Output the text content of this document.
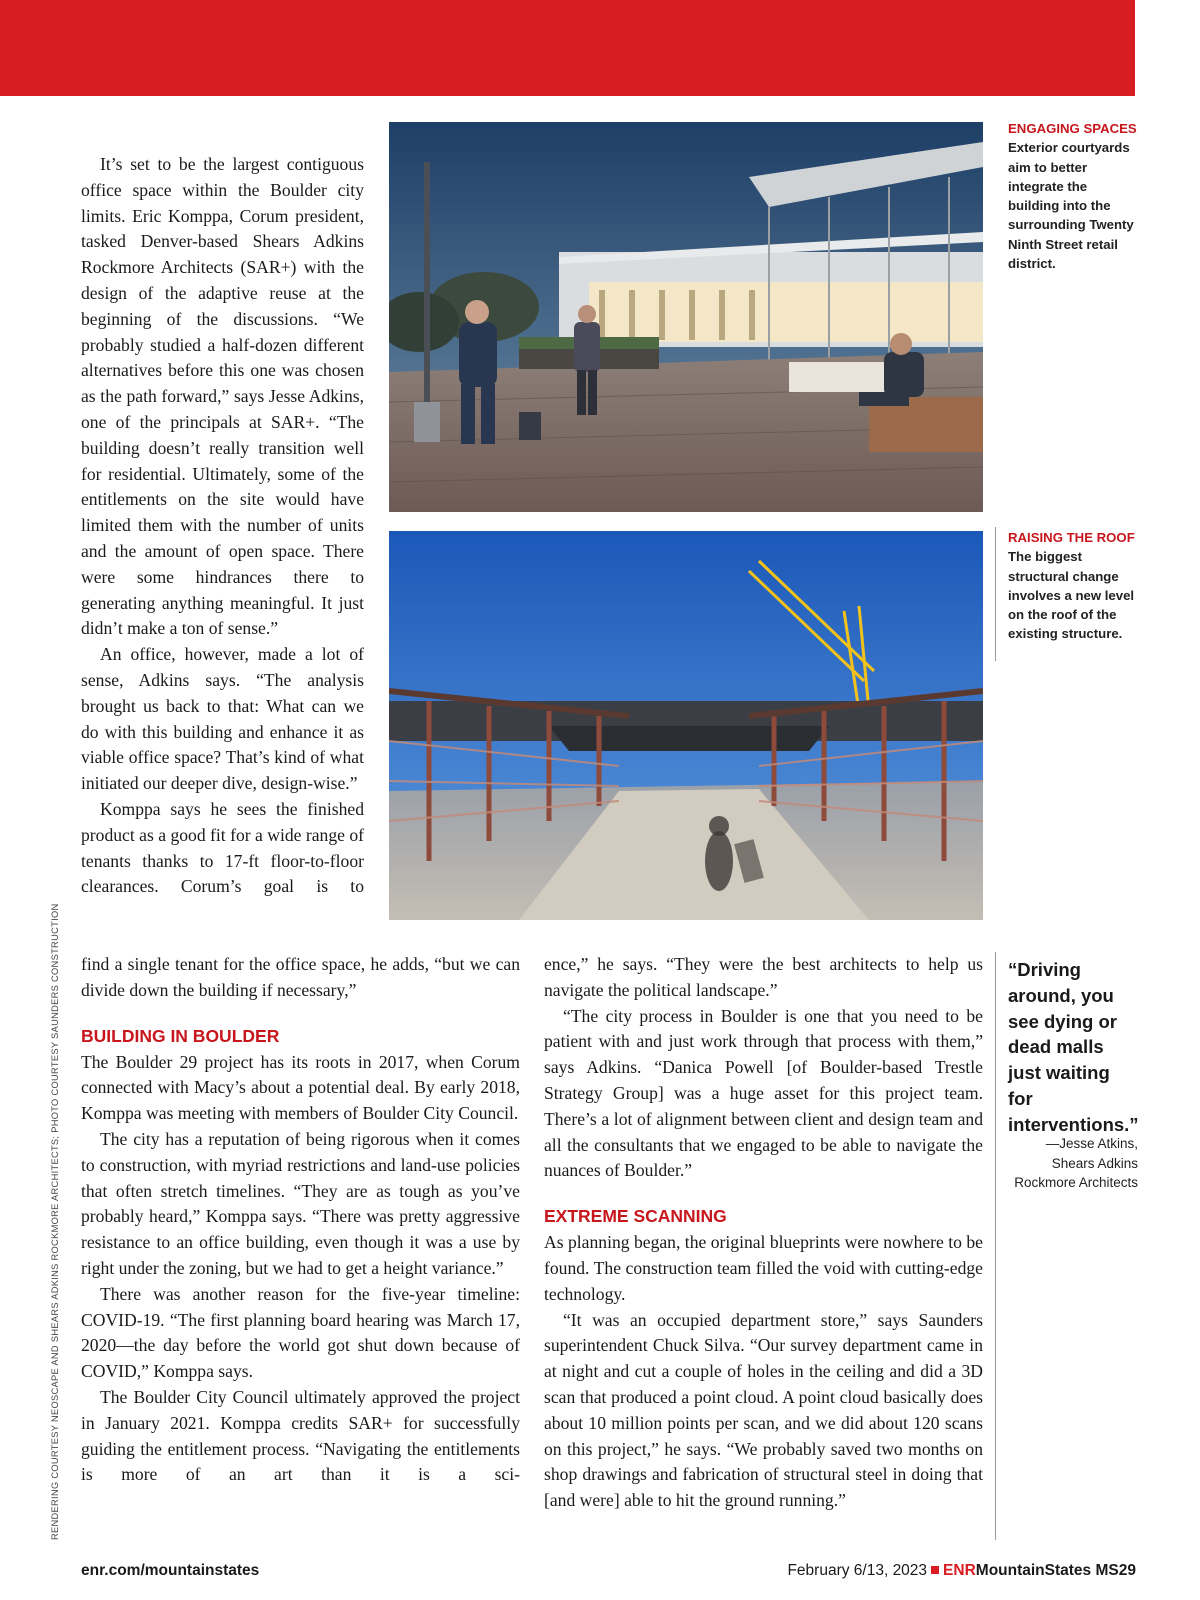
It’s set to be the largest contiguous office space within the Boulder city limits. Eric Komppa, Corum president, tasked Denver-based Shears Adkins Rockmore Architects (SAR+) with the design of the adaptive reuse at the beginning of the discussions. “We probably studied a half-dozen different alternatives before this one was chosen as the path forward,” says Jesse Adkins, one of the principals at SAR+. “The building doesn’t really transition well for residential. Ultimately, some of the entitlements on the site would have limited them with the number of units and the amount of open space. There were some hindrances there to generating anything meaningful. It just didn’t make a ton of sense.”

An office, however, made a lot of sense, Adkins says. “The analysis brought us back to that: What can we do with this building and enhance it as viable office space? That’s kind of what initiated our deeper dive, design-wise.”

Komppa says he sees the finished product as a good fit for a wide range of tenants thanks to 17-ft floor-to-floor clearances. Corum’s goal is to

ENGAGING SPACES Exterior courtyards aim to better integrate the building into the surrounding Twenty Ninth Street retail district.
RAISING THE ROOF The biggest structural change involves a new level on the roof of the existing structure.

find a single tenant for the office space, he adds, “but we can divide down the building if necessary,”

BUILDING IN BOULDER

The Boulder 29 project has its roots in 2017, when Corum connected with Macy’s about a potential deal. By early 2018, Komppa was meeting with members of Boulder City Council.

The city has a reputation of being rigorous when it comes to construction, with myriad restrictions and land-use policies that often stretch timelines. “They are as tough as you’ve probably heard,” Komppa says. “There was pretty aggressive resistance to an office building, even though it was a use by right under the zoning, but we had to get a height variance.”

There was another reason for the five-year timeline: COVID-19. “The first planning board hearing was March 17, 2020—the day before the world got shut down because of COVID,” Komppa says.

The Boulder City Council ultimately approved the project in January 2021. Komppa credits SAR+ for successfully guiding the entitlement process. “Navigating the entitlements is more of an art than it is a sci-

ence,” he says. “They were the best architects to help us navigate the political landscape.”

“The city process in Boulder is one that you need to be patient with and just work through that process with them,” says Adkins. “Danica Powell [of Boulder-based Trestle Strategy Group] was a huge asset for this project team. There’s a lot of alignment between client and design team and all the consultants that we engaged to be able to navigate the nuances of Boulder.”

EXTREME SCANNING

As planning began, the original blueprints were nowhere to be found. The construction team filled the void with cutting-edge technology.

“It was an occupied department store,” says Saunders superintendent Chuck Silva. “Our survey department came in at night and cut a couple of holes in the ceiling and did a 3D scan that produced a point cloud. A point cloud basically does about 10 million points per scan, and we did about 120 scans on this project,” he says. “We probably saved two months on shop drawings and fabrication of structural steel in doing that [and were] able to hit the ground running.”

“Driving around, you see dying or dead malls just waiting for interventions.”
—Jesse Atkins, Shears Adkins Rockmore Architects
RENDERING COURTESY NEOSCAPE AND SHEARS ADKINS ROCKMORE ARCHITECTS; PHOTO COURTESY SAUNDERS CONSTRUCTION
enr.com/mountainstates	February 6/13, 2023 ENRMountainStates MS29
